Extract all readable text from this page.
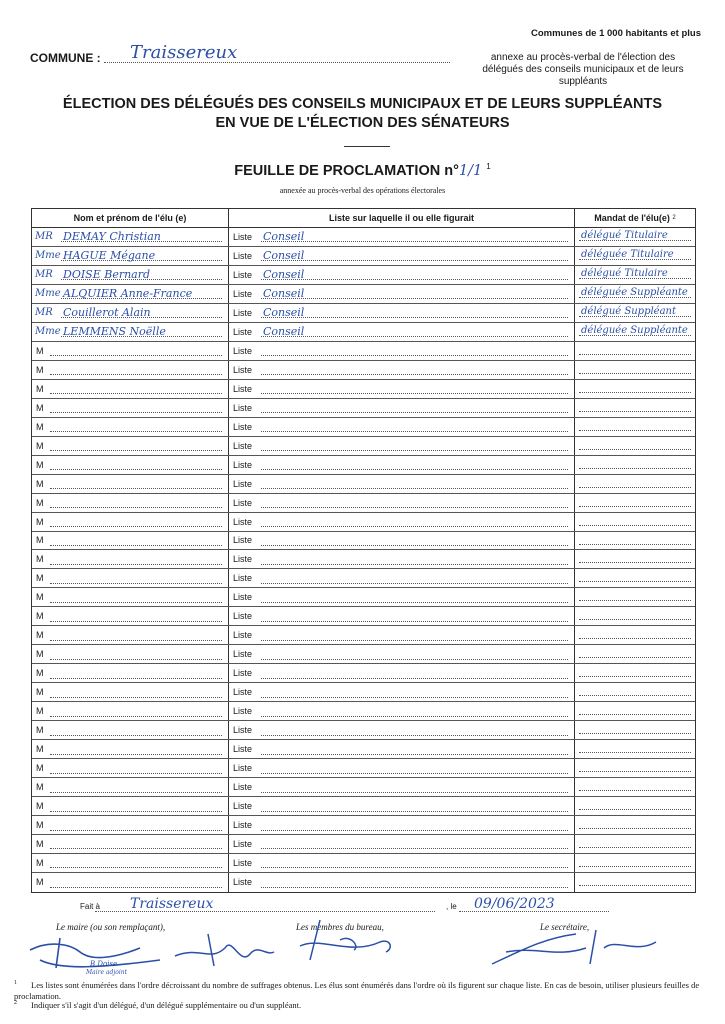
Communes de 1 000 habitants et plus
COMMUNE : Traissereux	annexe au procès-verbal de l'élection des délégués des conseils municipaux et de leurs suppléants
ÉLECTION DES DÉLÉGUÉS DES CONSEILS MUNICIPAUX ET DE LEURS SUPPLÉANTS
EN VUE DE L'ÉLECTION DES SÉNATEURS
FEUILLE DE PROCLAMATION n°1/1 $^1$
annexée au procès-verbal des opérations électorales
Nom et prénom de l'élu (e)	Liste sur laquelle il ou elle figurait	Mandat de l'élu(e)
2
MR DEMAY Christian	Liste Conseil	délégué Titulaire
Mme HAGUE Mégane	Liste Conseil	déléguée Titulaire
MR DOISE Bernard	Liste Conseil	délégué Titulaire
Mme ALQUIER Anne-France	Liste Conseil	déléguée Suppléante
MR Couillerot Alain	Liste Conseil	délégué Suppléant
Mme LEMMENS Noëlle	Liste Conseil	déléguée Suppléante
M	Liste
M	Liste
M	Liste
M	Liste
M	Liste
M	Liste
M	Liste
M	Liste
M	Liste
M	Liste
M	Liste
M	Liste
M	Liste
M	Liste
M	Liste
M	Liste
M	Liste
M	Liste
M	Liste
M	Liste
M	Liste
M	Liste
M	Liste
M	Liste
M	Liste
M	Liste
M	Liste
M	Liste
M	Liste
Fait à Traissereux	, le 09/06/2023
Le maire (ou son remplaçant),	Les membres du bureau,	Le secrétaire,
B Doise
Maire adjoint
$^1$ Les listes sont énumérées dans l'ordre décroissant du nombre de suffrages obtenus. Les élus sont énumérés dans l'ordre où ils figurent sur chaque liste. En cas de besoin, utiliser plusieurs feuilles de proclamation.
$^2$ Indiquer s'il s'agit d'un délégué, d'un délégué supplémentaire ou d'un suppléant.
